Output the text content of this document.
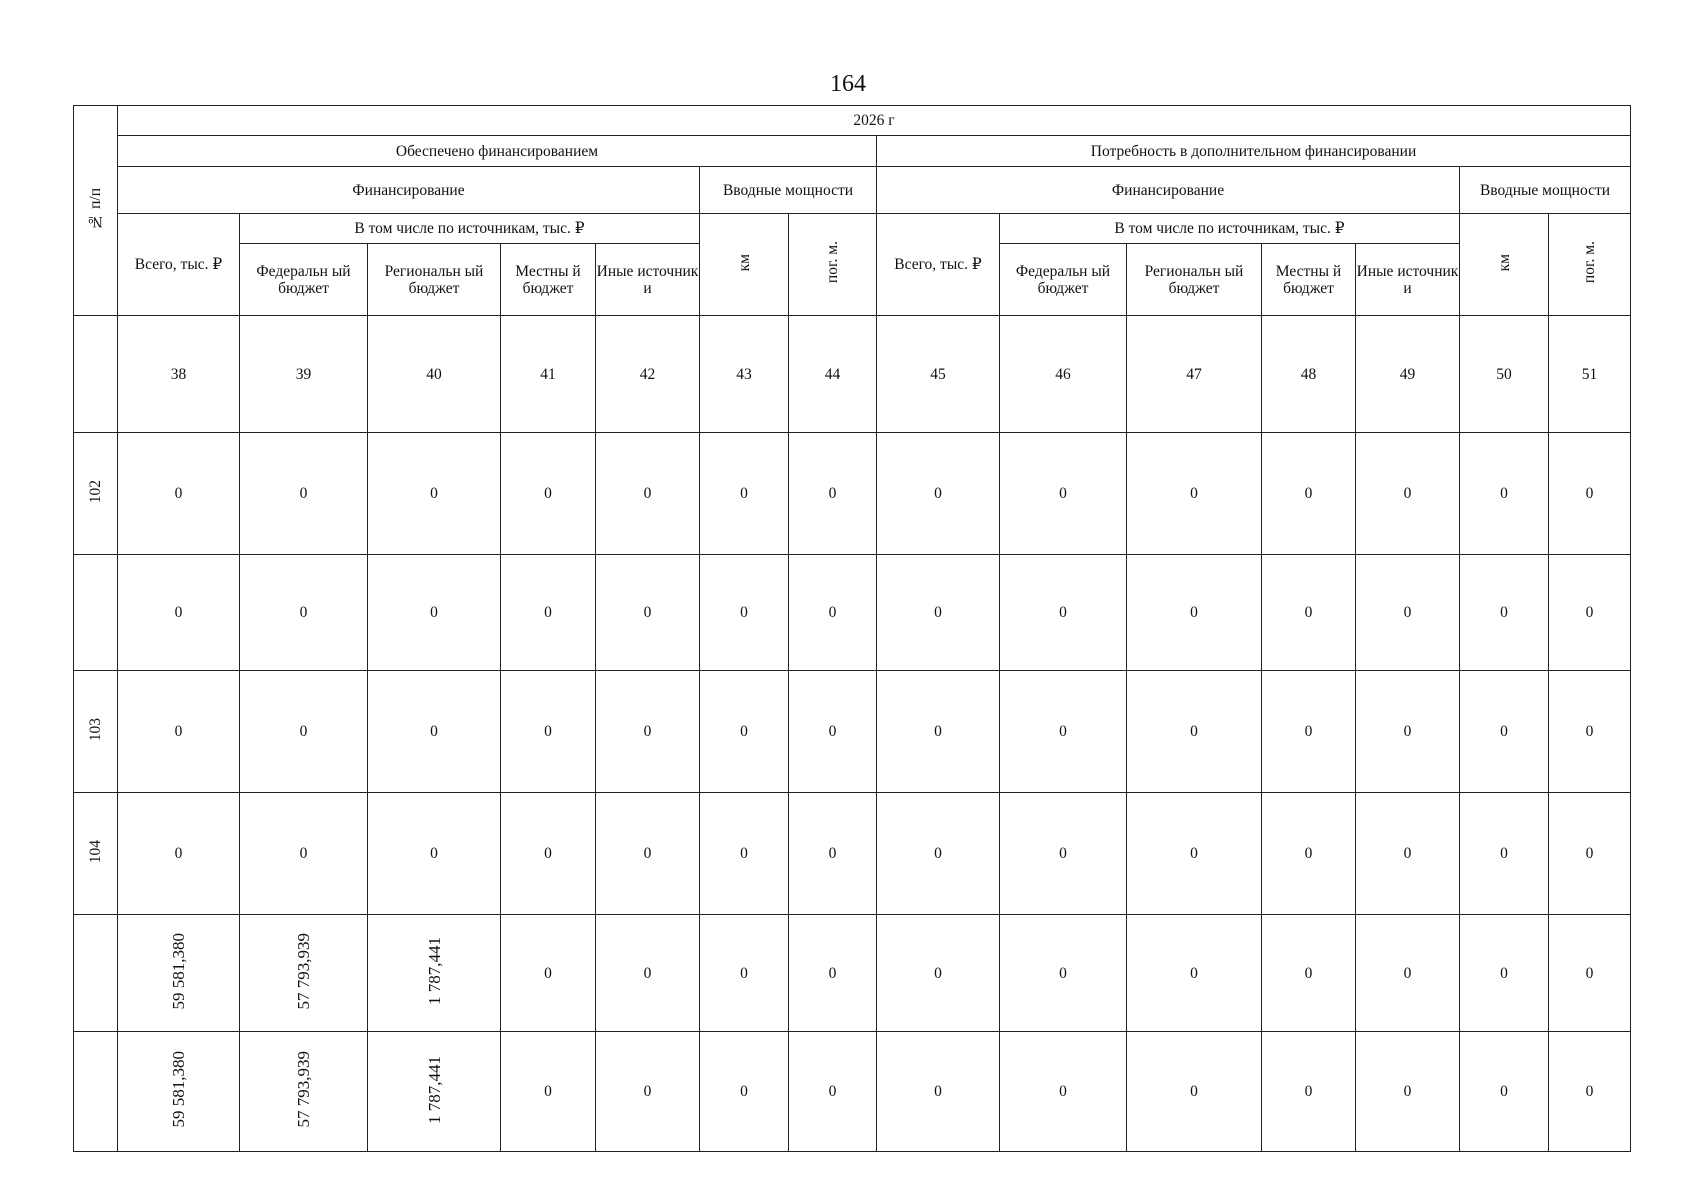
164
№ п/п	2026 г													
	Обеспечено финансированием							Потребность в дополнительном финансировании						
	Финансирование					Вводные мощности		Финансирование					Вводные мощности	
	Всего, тыс. ₽	В том числе по источникам, тыс. ₽				км	пог. м.	Всего, тыс. ₽	В том числе по источникам, тыс. ₽				км	пог. м.
		Федеральн ый бюджет	Региональн ый бюджет	Местны й бюджет	Иные источник и				Федеральн ый бюджет	Региональн ый бюджет	Местны й бюджет	Иные источник и		
	38	39	40	41	42	43	44	45	46	47	48	49	50	51
102	0	0	0	0	0	0	0	0	0	0	0	0	0	0
	0	0	0	0	0	0	0	0	0	0	0	0	0	0
103	0	0	0	0	0	0	0	0	0	0	0	0	0	0
104	0	0	0	0	0	0	0	0	0	0	0	0	0	0
	59 581,380	57 793,939	1 787,441	0	0	0	0	0	0	0	0	0	0	0
	59 581,380	57 793,939	1 787,441	0	0	0	0	0	0	0	0	0	0	0
